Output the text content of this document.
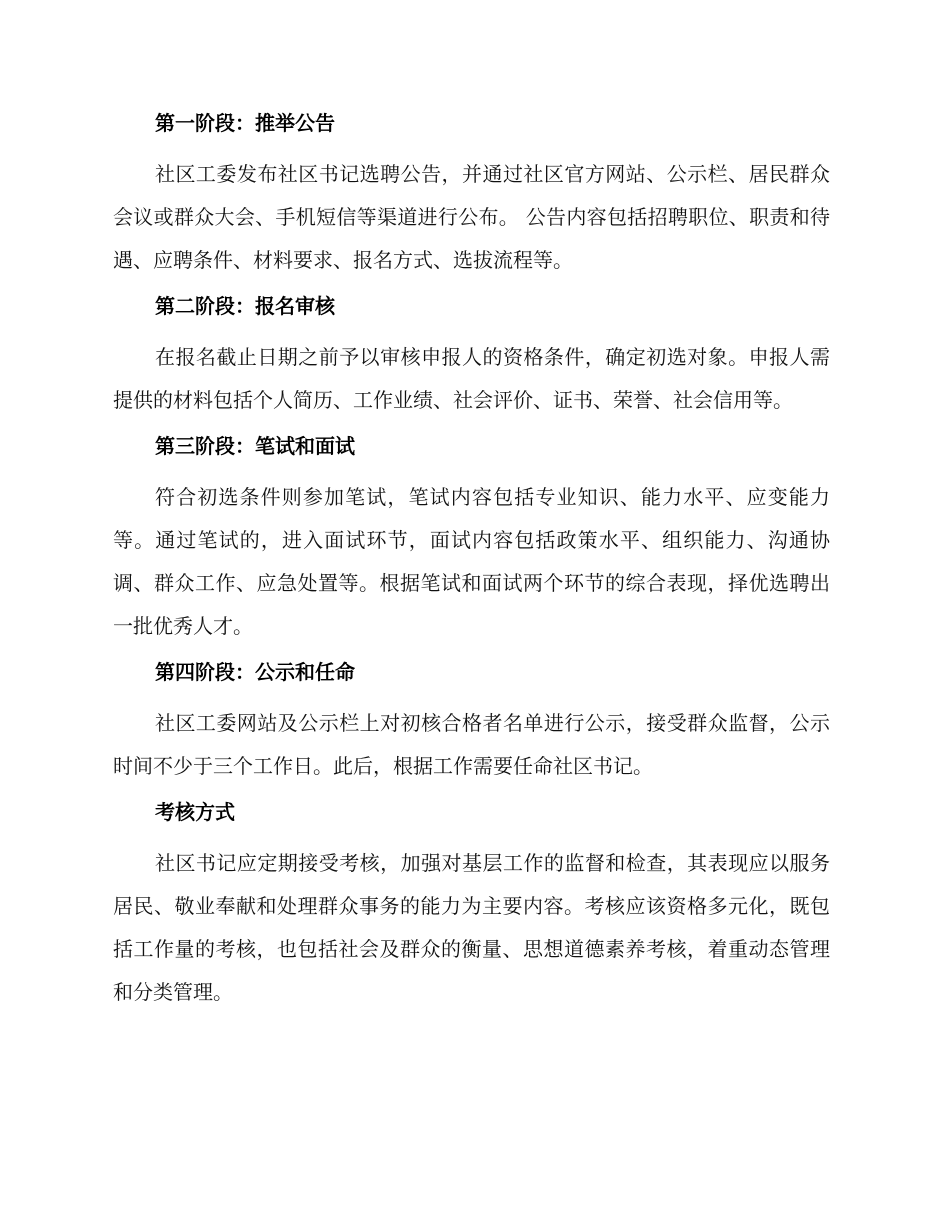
第一阶段：推举公告

社区工委发布社区书记选聘公告，并通过社区官方网站、公示栏、居民群众会议或群众大会、手机短信等渠道进行公布。 公告内容包括招聘职位、职责和待遇、应聘条件、材料要求、报名方式、选拔流程等。

第二阶段：报名审核

在报名截止日期之前予以审核申报人的资格条件，确定初选对象。申报人需提供的材料包括个人简历、工作业绩、社会评价、证书、荣誉、社会信用等。

第三阶段：笔试和面试

符合初选条件则参加笔试，笔试内容包括专业知识、能力水平、应变能力等。通过笔试的，进入面试环节，面试内容包括政策水平、组织能力、沟通协调、群众工作、应急处置等。根据笔试和面试两个环节的综合表现，择优选聘出一批优秀人才。

第四阶段：公示和任命

社区工委网站及公示栏上对初核合格者名单进行公示，接受群众监督，公示时间不少于三个工作日。此后，根据工作需要任命社区书记。

考核方式

社区书记应定期接受考核，加强对基层工作的监督和检查，其表现应以服务居民、敬业奉献和处理群众事务的能力为主要内容。考核应该资格多元化，既包括工作量的考核，也包括社会及群众的衡量、思想道德素养考核，着重动态管理和分类管理。
